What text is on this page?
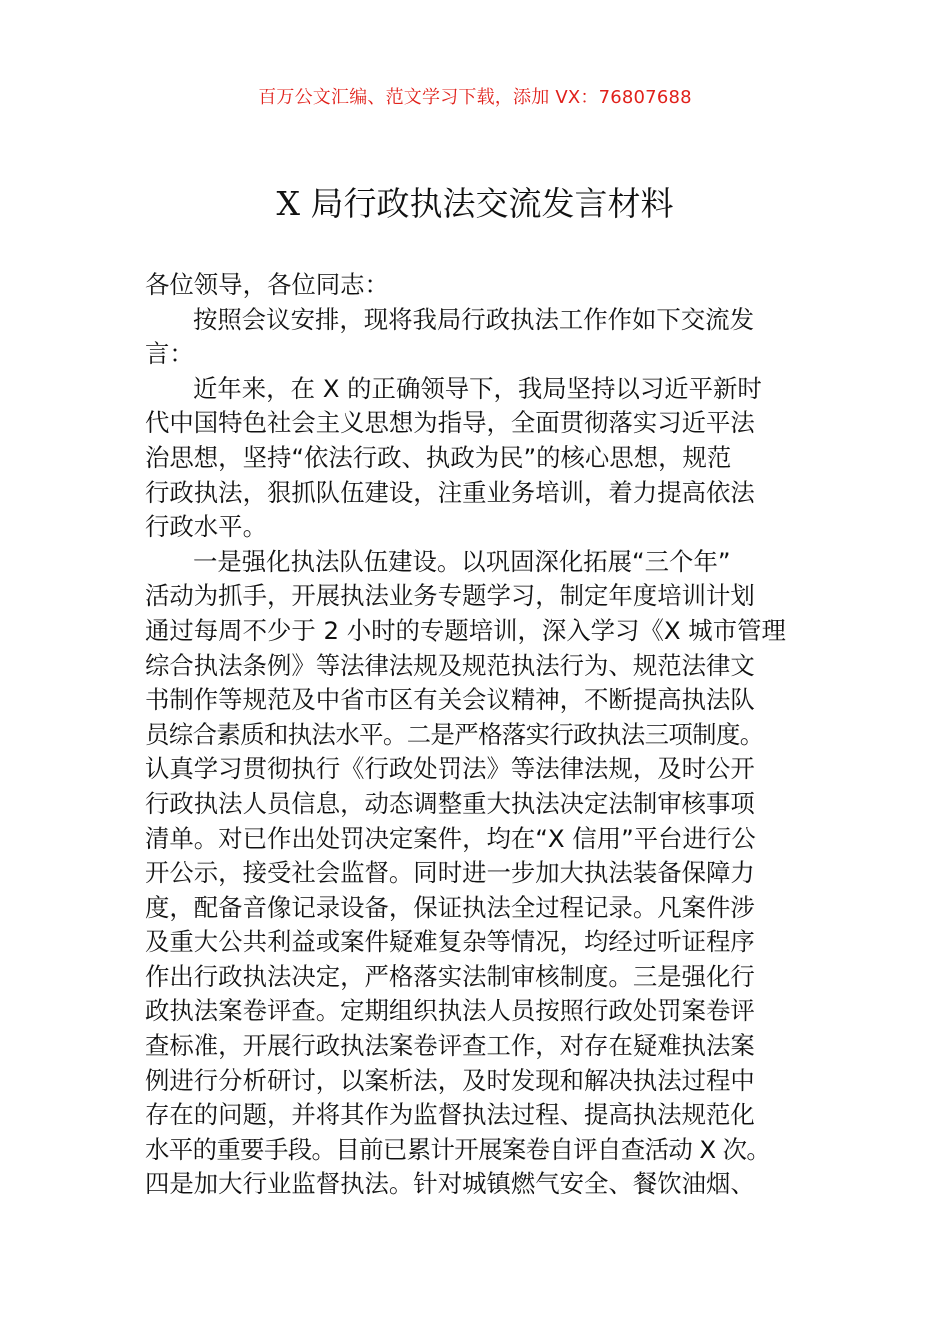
百万公文汇编、范文学习下载，添加 VX：76807688
X 局行政执法交流发言材料
各位领导，各位同志：
按照会议安排，现将我局行政执法工作作如下交流发
言：
近年来，在 X 的正确领导下，我局坚持以习近平新时
代中国特色社会主义思想为指导，全面贯彻落实习近平法
治思想，坚持“依法行政、执政为民”的核心思想，规范
行政执法，狠抓队伍建设，注重业务培训，着力提高依法
行政水平。
一是强化执法队伍建设。以巩固深化拓展“三个年”
活动为抓手，开展执法业务专题学习，制定年度培训计划
通过每周不少于 2 小时的专题培训，深入学习《X 城市管理
综合执法条例》等法律法规及规范执法行为、规范法律文
书制作等规范及中省市区有关会议精神，不断提高执法队
员综合素质和执法水平。二是严格落实行政执法三项制度。
认真学习贯彻执行《行政处罚法》等法律法规，及时公开
行政执法人员信息，动态调整重大执法决定法制审核事项
清单。对已作出处罚决定案件，均在“X 信用”平台进行公
开公示，接受社会监督。同时进一步加大执法装备保障力
度，配备音像记录设备，保证执法全过程记录。凡案件涉
及重大公共利益或案件疑难复杂等情况，均经过听证程序
作出行政执法决定，严格落实法制审核制度。三是强化行
政执法案卷评查。定期组织执法人员按照行政处罚案卷评
查标准，开展行政执法案卷评查工作，对存在疑难执法案
例进行分析研讨，以案析法，及时发现和解决执法过程中
存在的问题，并将其作为监督执法过程、提高执法规范化
水平的重要手段。目前已累计开展案卷自评自查活动 X 次。
四是加大行业监督执法。针对城镇燃气安全、餐饮油烟、
